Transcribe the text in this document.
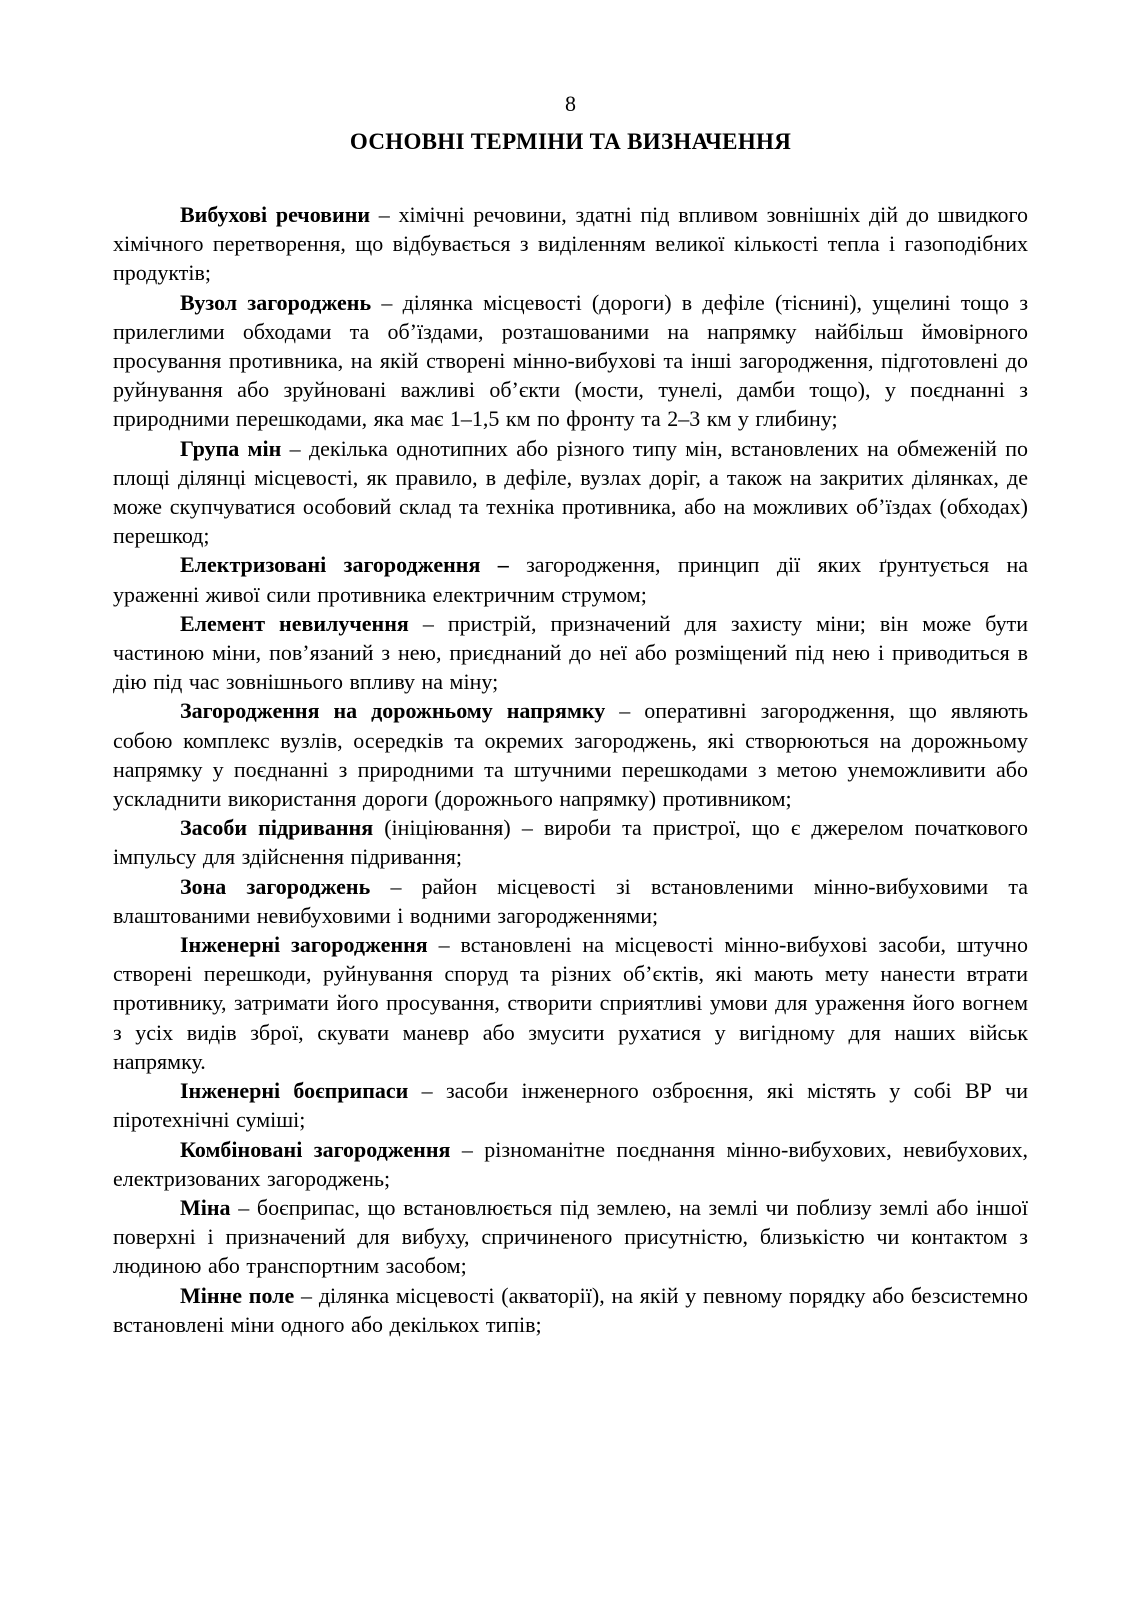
8
ОСНОВНІ ТЕРМІНИ ТА ВИЗНАЧЕННЯ

Вибухові речовини – хімічні речовини, здатні під впливом зовнішніх дій до швидкого хімічного перетворення, що відбувається з виділенням великої кількості тепла і газоподібних продуктів;

Вузол загороджень – ділянка місцевості (дороги) в дефіле (тіснині), ущелині тощо з прилеглими обходами та об’їздами, розташованими на напрямку найбільш ймовірного просування противника, на якій створені мінно-вибухові та інші загородження, підготовлені до руйнування або зруйновані важливі об’єкти (мости, тунелі, дамби тощо), у поєднанні з природними перешкодами, яка має 1–1,5 км по фронту та 2–3 км у глибину;

Група мін – декілька однотипних або різного типу мін, встановлених на обмеженій по площі ділянці місцевості, як правило, в дефіле, вузлах доріг, а також на закритих ділянках, де може скупчуватися особовий склад та техніка противника, або на можливих об’їздах (обходах) перешкод;

Електризовані загородження – загородження, принцип дії яких ґрунтується на ураженні живої сили противника електричним струмом;

Елемент невилучення – пристрій, призначений для захисту міни; він може бути частиною міни, пов’язаний з нею, приєднаний до неї або розміщений під нею і приводиться в дію під час зовнішнього впливу на міну;

Загородження на дорожньому напрямку – оперативні загородження, що являють собою комплекс вузлів, осередків та окремих загороджень, які створюються на дорожньому напрямку у поєднанні з природними та штучними перешкодами з метою унеможливити або ускладнити використання дороги (дорожнього напрямку) противником;

Засоби підривання (ініціювання) – вироби та пристрої, що є джерелом початкового імпульсу для здійснення підривання;

Зона загороджень – район місцевості зі встановленими мінно-вибуховими та влаштованими невибуховими і водними загородженнями;

Інженерні загородження – встановлені на місцевості мінно-вибухові засоби, штучно створені перешкоди, руйнування споруд та різних об’єктів, які мають мету нанести втрати противнику, затримати його просування, створити сприятливі умови для ураження його вогнем з усіх видів зброї, скувати маневр або змусити рухатися у вигідному для наших військ напрямку.

Інженерні боєприпаси – засоби інженерного озброєння, які містять у собі ВР чи піротехнічні суміші;

Комбіновані загородження – різноманітне поєднання мінно-вибухових, невибухових, електризованих загороджень;

Міна – боєприпас, що встановлюється під землею, на землі чи поблизу землі або іншої поверхні і призначений для вибуху, спричиненого присутністю, близькістю чи контактом з людиною або транспортним засобом;

Мінне поле – ділянка місцевості (акваторії), на якій у певному порядку або безсистемно встановлені міни одного або декількох типів;
